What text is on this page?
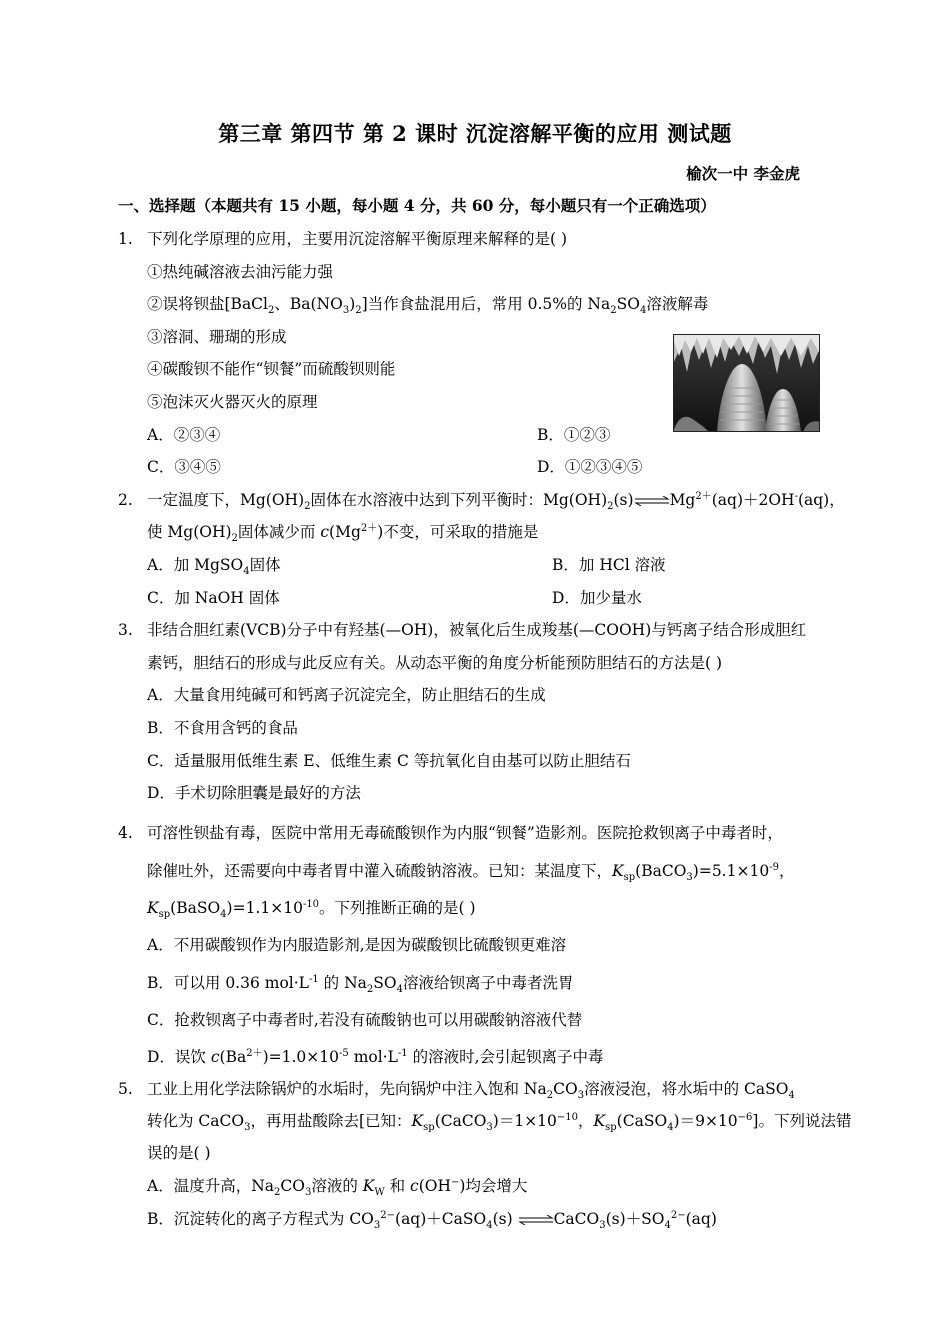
第三章 第四节 第 2 课时 沉淀溶解平衡的应用 测试题
榆次一中 李金虎
一、选择题（本题共有 15 小题，每小题 4 分，共 60 分，每小题只有一个正确选项）
1. 下列化学原理的应用，主要用沉淀溶解平衡原理来解释的是( )
①热纯碱溶液去油污能力强
②误将钡盐[BaCl$_2$、$Ba(NO_3)_2$]当作食盐混用后，常用 0.5%的 $Na_2SO_4$溶液解毒
③溶洞、珊瑚的形成
④碳酸钡不能作“钡餐”而硫酸钡则能
⑤泡沫灭火器灭火的原理
A．②③④	B．①②③
C．③④⑤	D．①②③④⑤
2. 一定温度下，$Mg(OH)_2$固体在水溶液中达到下列平衡时：$Mg(OH)_2(s)\rightleftharpoons Mg^{2+}(aq)+2OH^-(aq)$，
使 $Mg(OH)_2$固体减少而 $c(Mg^{2+})$不变，可采取的措施是
A．加 MgSO$_4$固体	B．加 HCl 溶液
C．加 NaOH 固体	D．加少量水
3. 非结合胆红素(VCB)分子中有羟基(—OH)，被氧化后生成羧基(—COOH)与钙离子结合形成胆红
素钙，胆结石的形成与此反应有关。从动态平衡的角度分析能预防胆结石的方法是( )
A．大量食用纯碱可和钙离子沉淀完全，防止胆结石的生成
B．不食用含钙的食品
C．适量服用低维生素 E、低维生素 C 等抗氧化自由基可以防止胆结石
D．手术切除胆囊是最好的方法
4. 可溶性钡盐有毒，医院中常用无毒硫酸钡作为内服“钡餐”造影剂。医院抢救钡离子中毒者时，
除催吐外，还需要向中毒者胃中灌入硫酸钠溶液。已知：某温度下，$K_{sp}(BaCO_3)=5.1\times 10^{-9}$，
$K_{sp}(BaSO_4)=1.1\times 10^{-10}$。下列推断正确的是( )
A．不用碳酸钡作为内服造影剂,是因为碳酸钡比硫酸钡更难溶
B．可以用 0.36 $mol\cdot L^{-1}$ 的 $Na_2SO_4$溶液给钡离子中毒者洗胃
C．抢救钡离子中毒者时,若没有硫酸钠也可以用碳酸钠溶液代替
D．误饮 $c(Ba^{2+})=1.0\times 10^{-5}$ $mol\cdot L^{-1}$ 的溶液时,会引起钡离子中毒
5. 工业上用化学法除锅炉的水垢时，先向锅炉中注入饱和 $Na_2CO_3$溶液浸泡，将水垢中的 CaSO$_4$
转化为 CaCO$_3$，再用盐酸除去[已知：$K_{sp}(CaCO_3)=1\times 10^{-10}$，$K_{sp}(CaSO_4)=9\times 10^{-6}$]。下列说法错
误的是( )
A．温度升高，$Na_2CO_3$溶液的 $K_W$ 和 c(OH−)均会增大
B．沉淀转化的离子方程式为 $CO_3^{2-}(aq)+CaSO_4(s)$ $\rightleftharpoons CaCO_3(s)+SO_4^{2-}(aq)$
